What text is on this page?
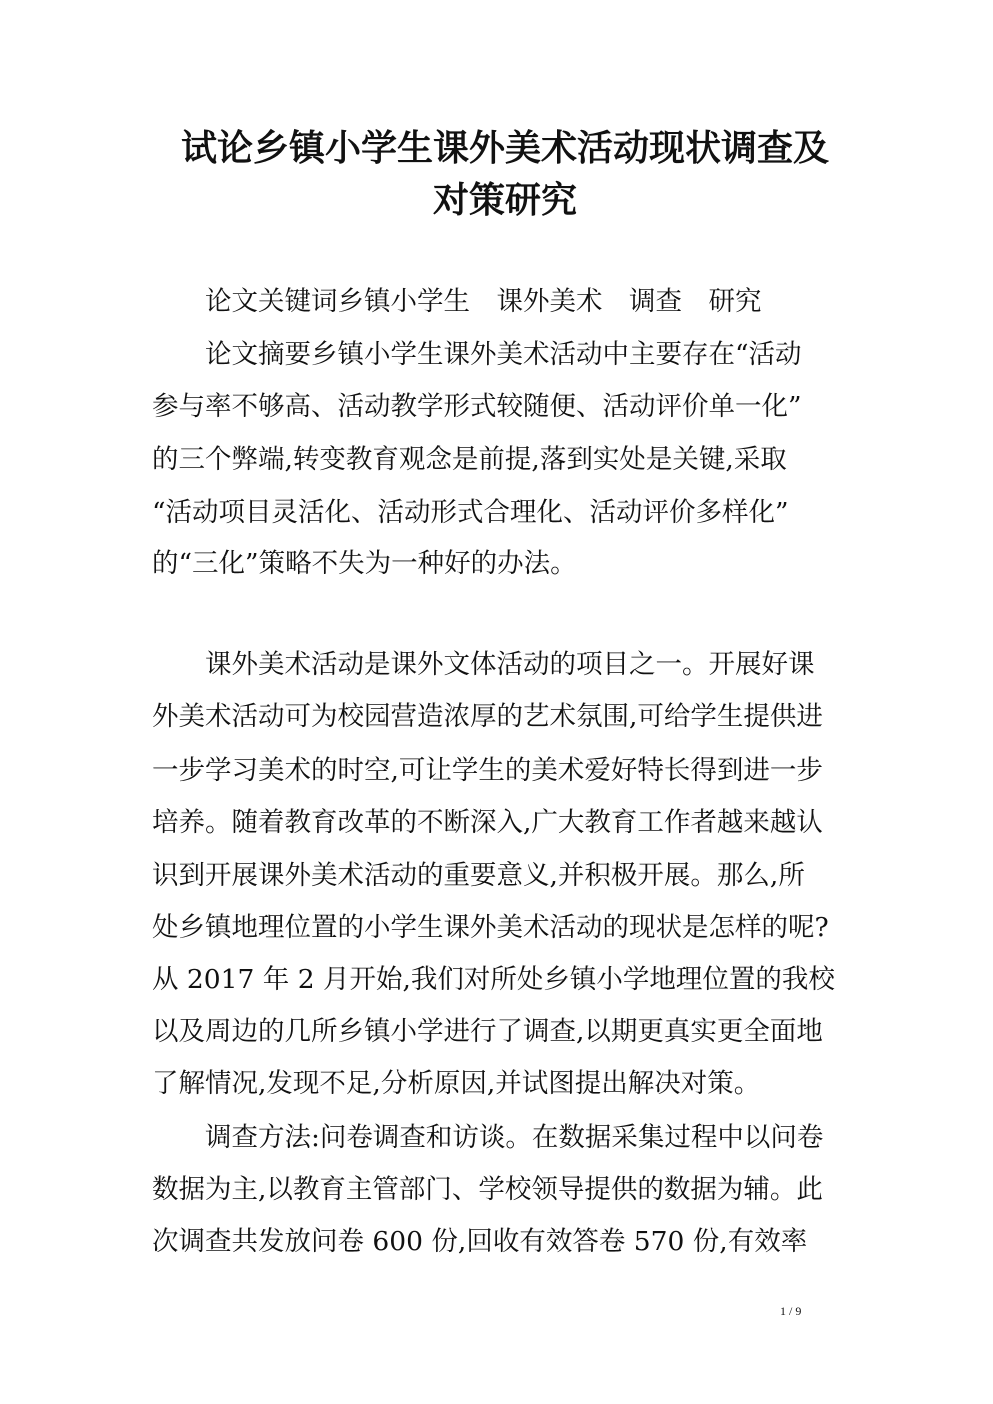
试论乡镇小学生课外美术活动现状调查及
对策研究
论文关键词乡镇小学生　课外美术　调查　研究
论文摘要乡镇小学生课外美术活动中主要存在“活动
参与率不够高、活动教学形式较随便、活动评价单一化”
的三个弊端,转变教育观念是前提,落到实处是关键,采取
“活动项目灵活化、活动形式合理化、活动评价多样化”
的“三化”策略不失为一种好的办法。
课外美术活动是课外文体活动的项目之一。开展好课
外美术活动可为校园营造浓厚的艺术氛围,可给学生提供进
一步学习美术的时空,可让学生的美术爱好特长得到进一步
培养。随着教育改革的不断深入,广大教育工作者越来越认
识到开展课外美术活动的重要意义,并积极开展。那么,所
处乡镇地理位置的小学生课外美术活动的现状是怎样的呢?
从 2017 年 2 月开始,我们对所处乡镇小学地理位置的我校
以及周边的几所乡镇小学进行了调查,以期更真实更全面地
了解情况,发现不足,分析原因,并试图提出解决对策。
调查方法:问卷调查和访谈。在数据采集过程中以问卷
数据为主,以教育主管部门、学校领导提供的数据为辅。此
次调查共发放问卷 600 份,回收有效答卷 570 份,有效率
1 / 9
